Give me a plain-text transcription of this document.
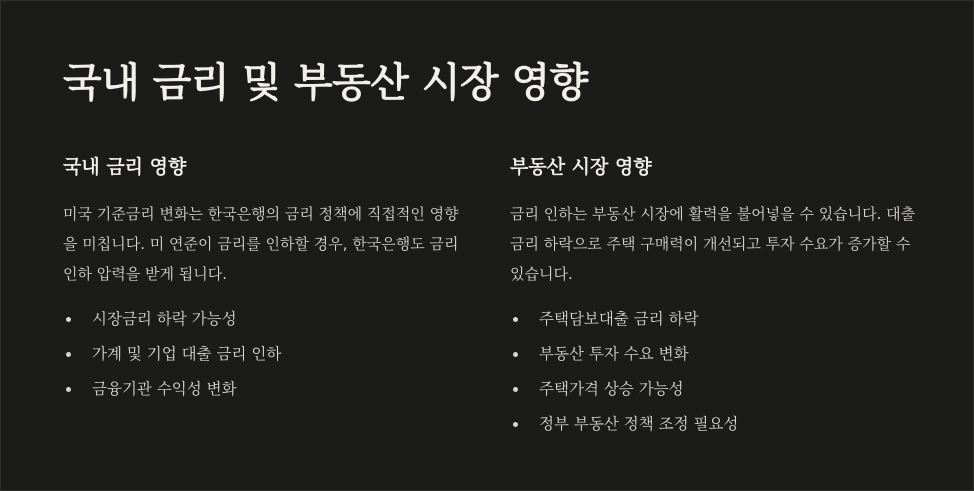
국내 금리 및 부동산 시장 영향
국내 금리 영향

미국 기준금리 변화는 한국은행의 금리 정책에 직접적인 영향을 미칩니다. 미 연준이 금리를 인하할 경우, 한국은행도 금리 인하 압력을 받게 됩니다.

시장금리 하락 가능성
가계 및 기업 대출 금리 인하
금융기관 수익성 변화
부동산 시장 영향

금리 인하는 부동산 시장에 활력을 불어넣을 수 있습니다. 대출 금리 하락으로 주택 구매력이 개선되고 투자 수요가 증가할 수 있습니다.

주택담보대출 금리 하락
부동산 투자 수요 변화
주택가격 상승 가능성
정부 부동산 정책 조정 필요성
